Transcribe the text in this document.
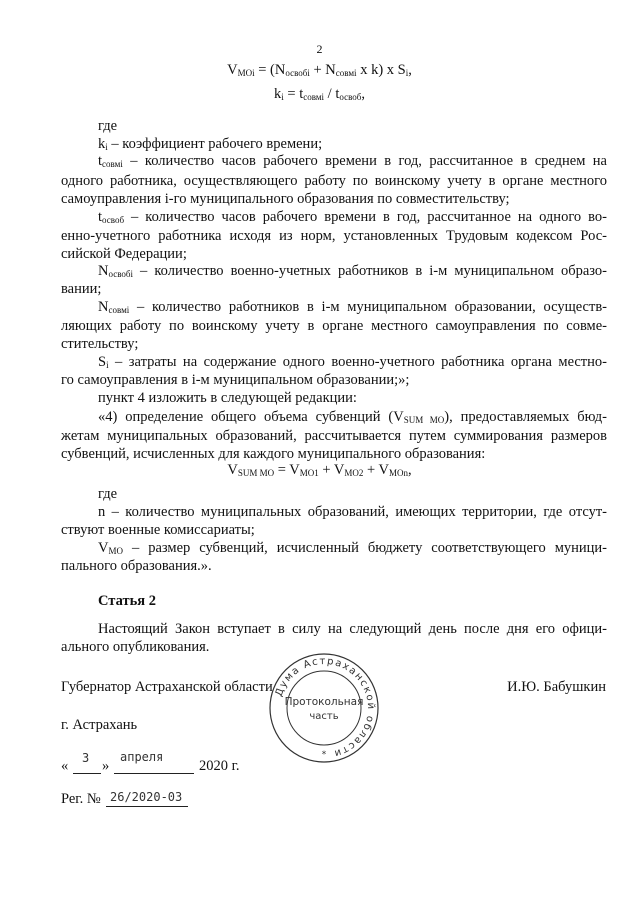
2
$V_{MOi} = (N_{освобi} + N_{совмi}$ x k) x $S_i$,
$k_i = t_{совмi} / t_{освоб}$,
где
$k_i$ – коэффициент рабочего времени;
$t_{совмi}$ – количество часов рабочего времени в год, рассчитанное в среднем на
одного работника, осуществляющего работу по воинскому учету в органе местного
самоуправления i-го муниципального образования по совместительству;
$t_{освоб}$ – количество часов рабочего времени в год, рассчитанное на одного во-
енно-учетного работника исходя из норм, установленных Трудовым кодексом Рос-
сийской Федерации;
$N_{освобi}$ – количество военно-учетных работников в i-м муниципальном образо-
вании;
$N_{совмi}$ – количество работников в i-м муниципальном образовании, осуществ-
ляющих работу по воинскому учету в органе местного самоуправления по совме-
стительству;
$S_i$ – затраты на содержание одного военно-учетного работника органа местно-
го самоуправления в i-м муниципальном образовании;»;
пункт 4 изложить в следующей редакции:
«4) определение общего объема субвенций $(V_{SUM MO})$, предоставляемых бюд-
жетам муниципальных образований, рассчитывается путем суммирования размеров
субвенций, исчисленных для каждого муниципального образования:
$V_{SUM MO} = V_{MO1} + V_{MO2} + V_{MOn}$,
где
n – количество муниципальных образований, имеющих территории, где отсут-
ствуют военные комиссариаты;
$V_{MO}$ – размер субвенций, исчисленный бюджету соответствующего муници-
пального образования.».
Статья 2
Настоящий Закон вступает в силу на следующий день после дня его офици-
ального опубликования.
Губернатор Астраханской области	И.Ю. Бабушкин
г. Астрахань
«	3 »
апреля
2020 г.
Рег. № 26/2020-03
Дума Астраханской области
Протокольная
часть
*
